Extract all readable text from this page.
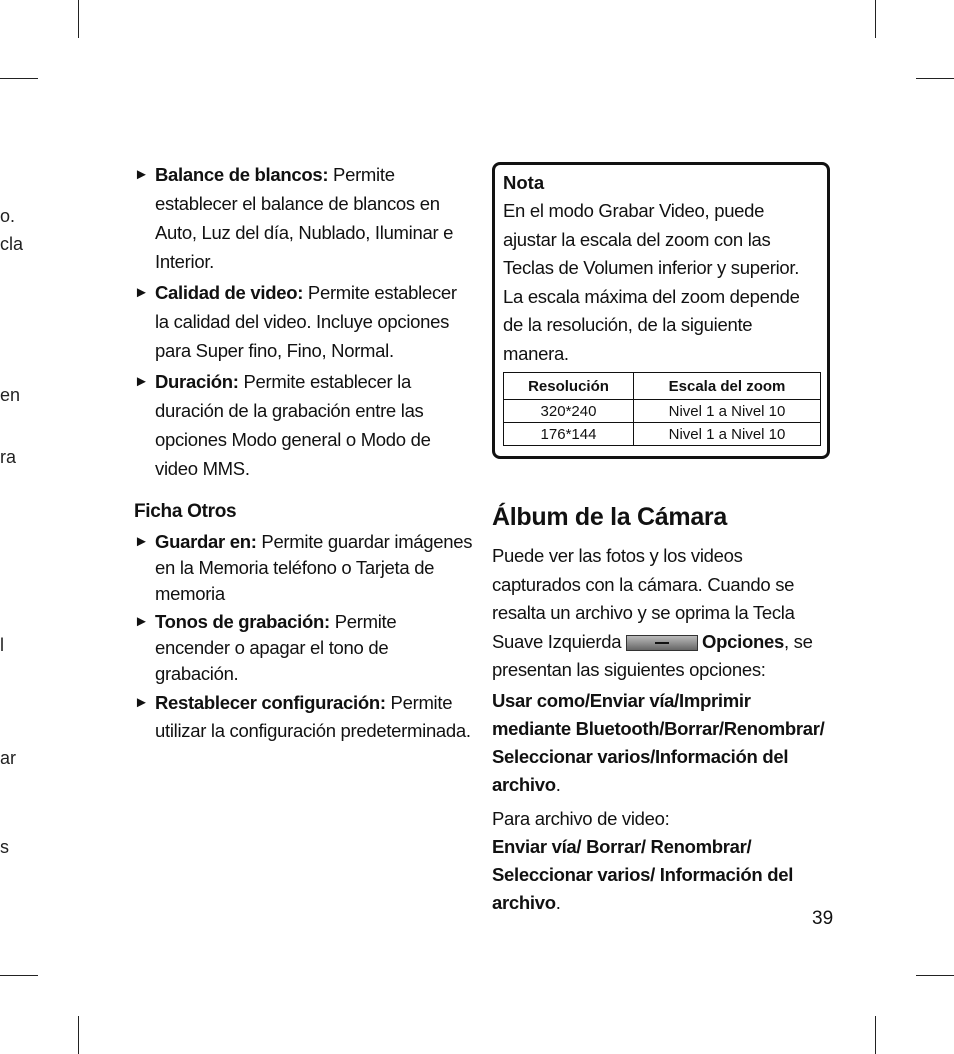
o.
cla
en
ra
l
ar
s
► Balance de blancos: Permite establecer el balance de blancos en Auto, Luz del día, Nublado, Iluminar e Interior.
► Calidad de video: Permite establecer la calidad del video. Incluye opciones para Super fino, Fino, Normal.
► Duración: Permite establecer la duración de la grabación entre las opciones Modo general o Modo de video MMS.
Ficha Otros
► Guardar en: Permite guardar imágenes en la Memoria teléfono o Tarjeta de memoria
► Tonos de grabación: Permite encender o apagar el tono de grabación.
► Restablecer configuración: Permite utilizar la configuración predeterminada.
Nota
En el modo Grabar Video, puede ajustar la escala del zoom con las Teclas de Volumen inferior y superior. La escala máxima del zoom depende de la resolución, de la siguiente manera.
Resolución	Escala del zoom
320*240	Nivel 1 a Nivel 10
176*144	Nivel 1 a Nivel 10
Álbum de la Cámara
Puede ver las fotos y los videos capturados con la cámara. Cuando se resalta un archivo y se oprima la Tecla Suave Izquierda	Opciones, se presentan las siguientes opciones:
Usar como/Enviar vía/Imprimir mediante Bluetooth/Borrar/Renombrar/ Seleccionar varios/Información del archivo.
Para archivo de video:
Enviar vía/ Borrar/ Renombrar/ Seleccionar varios/ Información del archivo.
39
